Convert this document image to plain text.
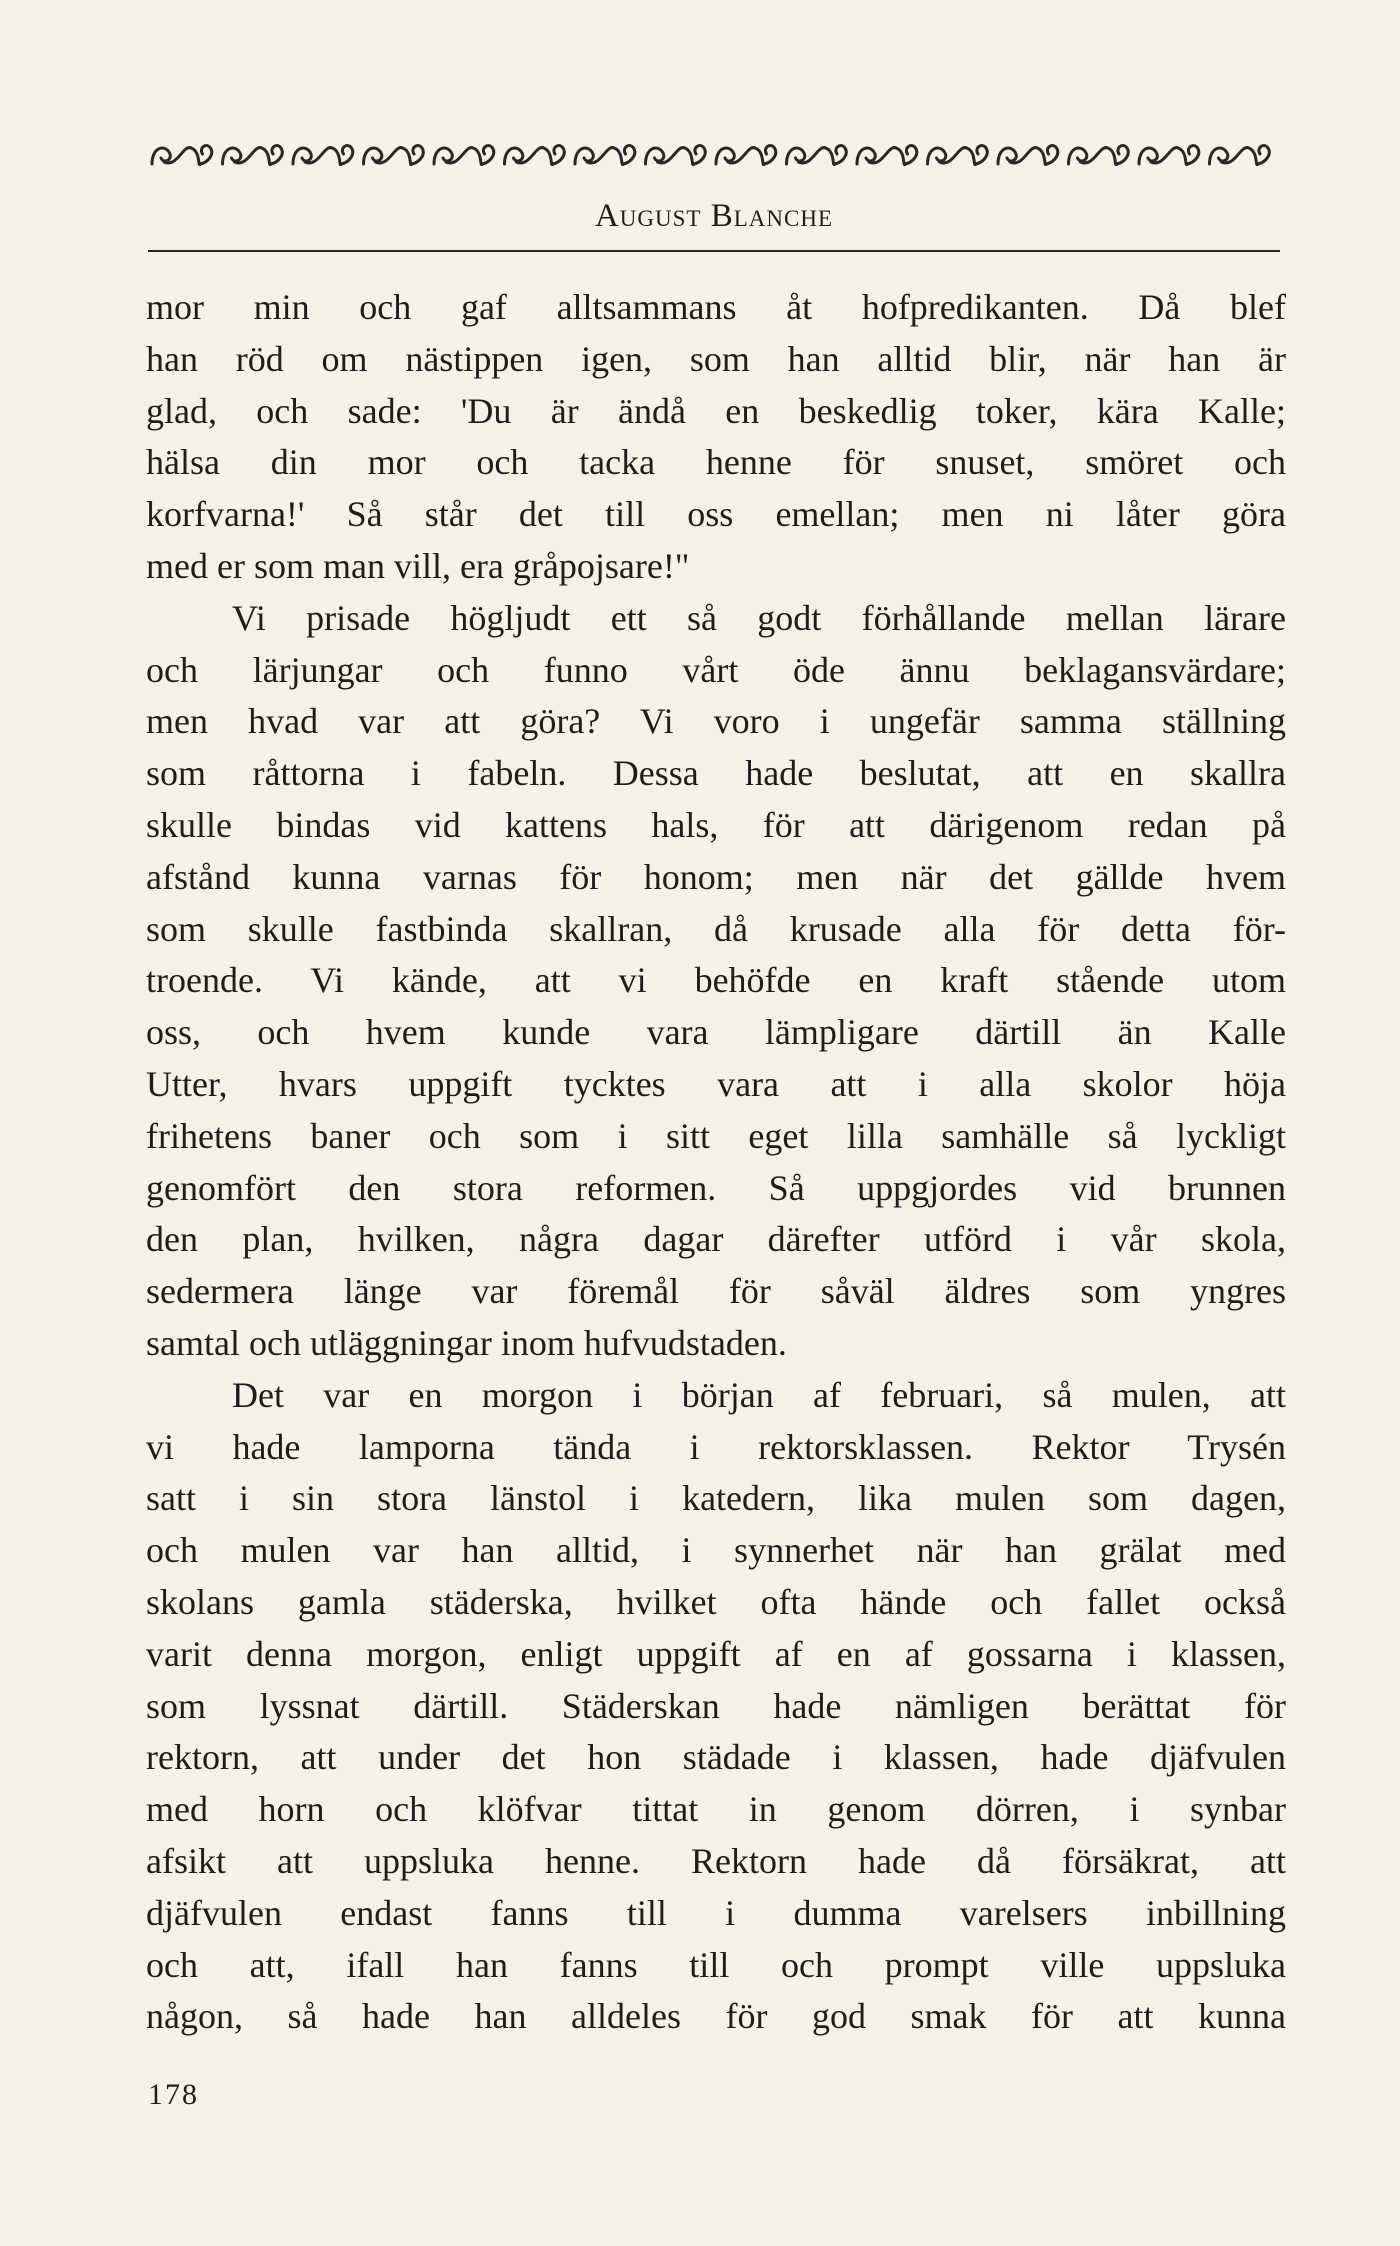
August Blanche
mor min och gaf alltsammans åt hofpredikanten. Då blef
han röd om nästippen igen, som han alltid blir, när han är
glad, och sade: 'Du är ändå en beskedlig toker, kära Kalle;
hälsa din mor och tacka henne för snuset, smöret och
korfvarna!' Så står det till oss emellan; men ni låter göra
med er som man vill, era gråpojsare!"
Vi prisade högljudt ett så godt förhållande mellan lärare
och lärjungar och funno vårt öde ännu beklagansvärdare;
men hvad var att göra? Vi voro i ungefär samma ställning
som råttorna i fabeln. Dessa hade beslutat, att en skallra
skulle bindas vid kattens hals, för att därigenom redan på
afstånd kunna varnas för honom; men när det gällde hvem
som skulle fastbinda skallran, då krusade alla för detta för-
troende. Vi kände, att vi behöfde en kraft stående utom
oss, och hvem kunde vara lämpligare därtill än Kalle
Utter, hvars uppgift tycktes vara att i alla skolor höja
frihetens baner och som i sitt eget lilla samhälle så lyckligt
genomfört den stora reformen. Så uppgjordes vid brunnen
den plan, hvilken, några dagar därefter utförd i vår skola,
sedermera länge var föremål för såväl äldres som yngres
samtal och utläggningar inom hufvudstaden.
Det var en morgon i början af februari, så mulen, att
vi hade lamporna tända i rektorsklassen. Rektor Trysén
satt i sin stora länstol i katedern, lika mulen som dagen,
och mulen var han alltid, i synnerhet när han grälat med
skolans gamla städerska, hvilket ofta hände och fallet också
varit denna morgon, enligt uppgift af en af gossarna i klassen,
som lyssnat därtill. Städerskan hade nämligen berättat för
rektorn, att under det hon städade i klassen, hade djäfvulen
med horn och klöfvar tittat in genom dörren, i synbar
afsikt att uppsluka henne. Rektorn hade då försäkrat, att
djäfvulen endast fanns till i dumma varelsers inbillning
och att, ifall han fanns till och prompt ville uppsluka
någon, så hade han alldeles för god smak för att kunna
178
